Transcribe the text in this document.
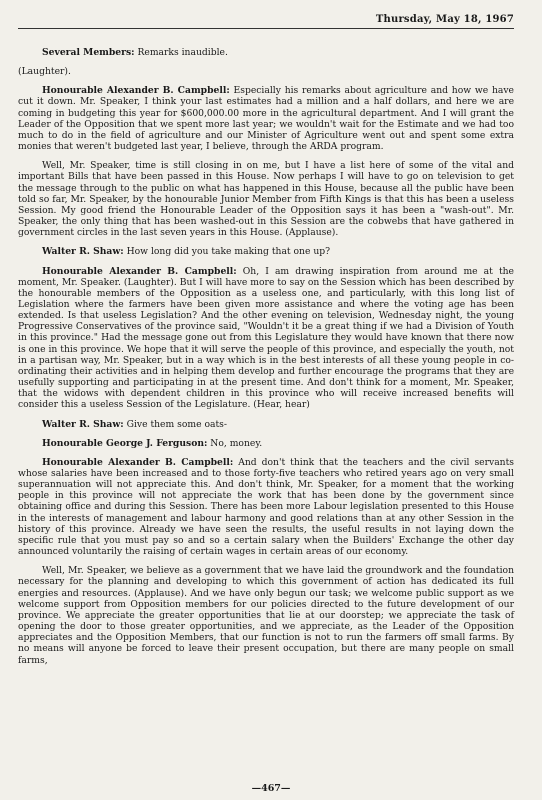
Thursday, May 18, 1967

Several Members: Remarks inaudible.

(Laughter).

Honourable Alexander B. Campbell: Especially his remarks about agriculture and how we have cut it down. Mr. Speaker, I think your last estimates had a million and a half dollars, and here we are coming in budgeting this year for $600,000.00 more in the agricultural department. And I will grant the Leader of the Opposition that we spent more last year; we wouldn't wait for the Estimate and we had too much to do in the field of agriculture and our Minister of Agriculture went out and spent some extra monies that weren't budgeted last year, I believe, through the ARDA program.

Well, Mr. Speaker, time is still closing in on me, but I have a list here of some of the vital and important Bills that have been passed in this House. Now perhaps I will have to go on television to get the message through to the public on what has happened in this House, because all the public have been told so far, Mr. Speaker, by the honourable Junior Member from Fifth Kings is that this has been a useless Session. My good friend the Honourable Leader of the Opposition says it has been a "wash-out". Mr. Speaker, the only thing that has been washed-out in this Session are the cobwebs that have gathered in government circles in the last seven years in this House. (Applause).

Walter R. Shaw: How long did you take making that one up?

Honourable Alexander B. Campbell: Oh, I am drawing inspiration from around me at the moment, Mr. Speaker. (Laughter). But I will have more to say on the Session which has been described by the honourable members of the Opposition as a useless one, and particularly, with this long list of Legislation where the farmers have been given more assistance and where the voting age has been extended. Is that useless Legislation? And the other evening on television, Wednesday night, the young Progressive Conservatives of the province said, "Wouldn't it be a great thing if we had a Division of Youth in this province." Had the message gone out from this Legislature they would have known that there now is one in this province. We hope that it will serve the people of this province, and especially the youth, not in a partisan way, Mr. Speaker, but in a way which is in the best interests of all these young people in co-ordinating their activities and in helping them develop and further encourage the programs that they are usefully supporting and participating in at the present time. And don't think for a moment, Mr. Speaker, that the widows with dependent children in this province who will receive increased benefits will consider this a useless Session of the Legislature. (Hear, hear)

Walter R. Shaw: Give them some oats-

Honourable George J. Ferguson: No, money.

Honourable Alexander B. Campbell: And don't think that the teachers and the civil servants whose salaries have been increased and to those forty-five teachers who retired years ago on very small superannuation will not appreciate this. And don't think, Mr. Speaker, for a moment that the working people in this province will not appreciate the work that has been done by the government since obtaining office and during this Session. There has been more Labour legislation presented to this House in the interests of management and labour harmony and good relations than at any other Session in the history of this province. Already we have seen the results, the useful results in not laying down the specific rule that you must pay so and so a certain salary when the Builders' Exchange the other day announced voluntarily the raising of certain wages in certain areas of our economy.

Well, Mr. Speaker, we believe as a government that we have laid the groundwork and the foundation necessary for the planning and developing to which this government of action has dedicated its full energies and resources. (Applause). And we have only begun our task; we welcome public support as we welcome support from Opposition members for our policies directed to the future development of our province. We appreciate the greater opportunities that lie at our doorstep; we appreciate the task of opening the door to those greater opportunities, and we appreciate, as the Leader of the Opposition appreciates and the Opposition Members, that our function is not to run the farmers off small farms. By no means will anyone be forced to leave their present occupation, but there are many people on small farms,

—467—
